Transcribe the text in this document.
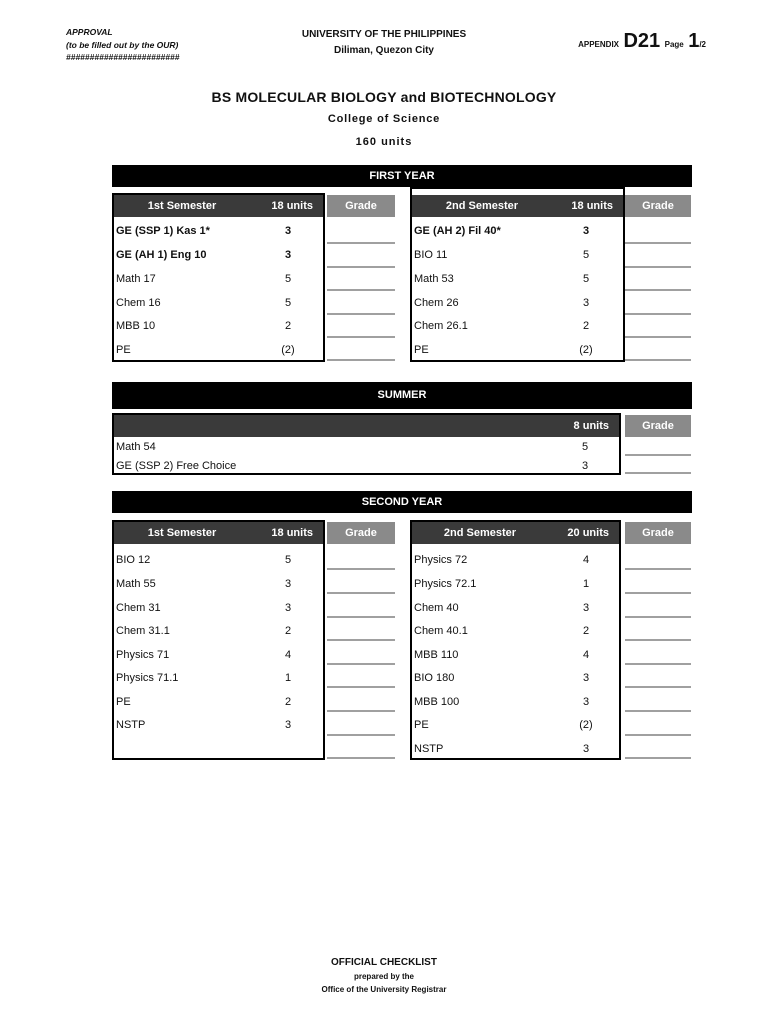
APPROVAL
(to be filled out by the OUR)
########################
UNIVERSITY OF THE PHILIPPINES
Diliman, Quezon City
APPENDIX D21 Page 1/2
BS MOLECULAR BIOLOGY and BIOTECHNOLOGY
College of Science
160 units
FIRST YEAR
1st Semester	18 units
GE (SSP 1) Kas 1*	3
GE (AH 1) Eng 10	3
Math 17	5
Chem 16	5
MBB 10	2
PE	(2)
Grade	2nd Semester	18 units
GE (AH 2) Fil 40*	3
BIO 11	5
Math 53	5
Chem 26	3
Chem 26.1	2
PE	(2)
Grade
SUMMER
8 units
Math 54	5
GE (SSP 2) Free Choice	3
Grade
SECOND YEAR
1st Semester	18 units
BIO 12	5
Math 55	3
Chem 31	3
Chem 31.1	2
Physics 71	4
Physics 71.1	1
PE	2
NSTP	3
Grade	2nd Semester	20 units
Physics 72	4
Physics 72.1	1
Chem 40	3
Chem 40.1	2
MBB 110	4
BIO 180	3
MBB 100	3
PE	(2)
NSTP	3
Grade
OFFICIAL CHECKLIST
prepared by the
Office of the University Registrar
